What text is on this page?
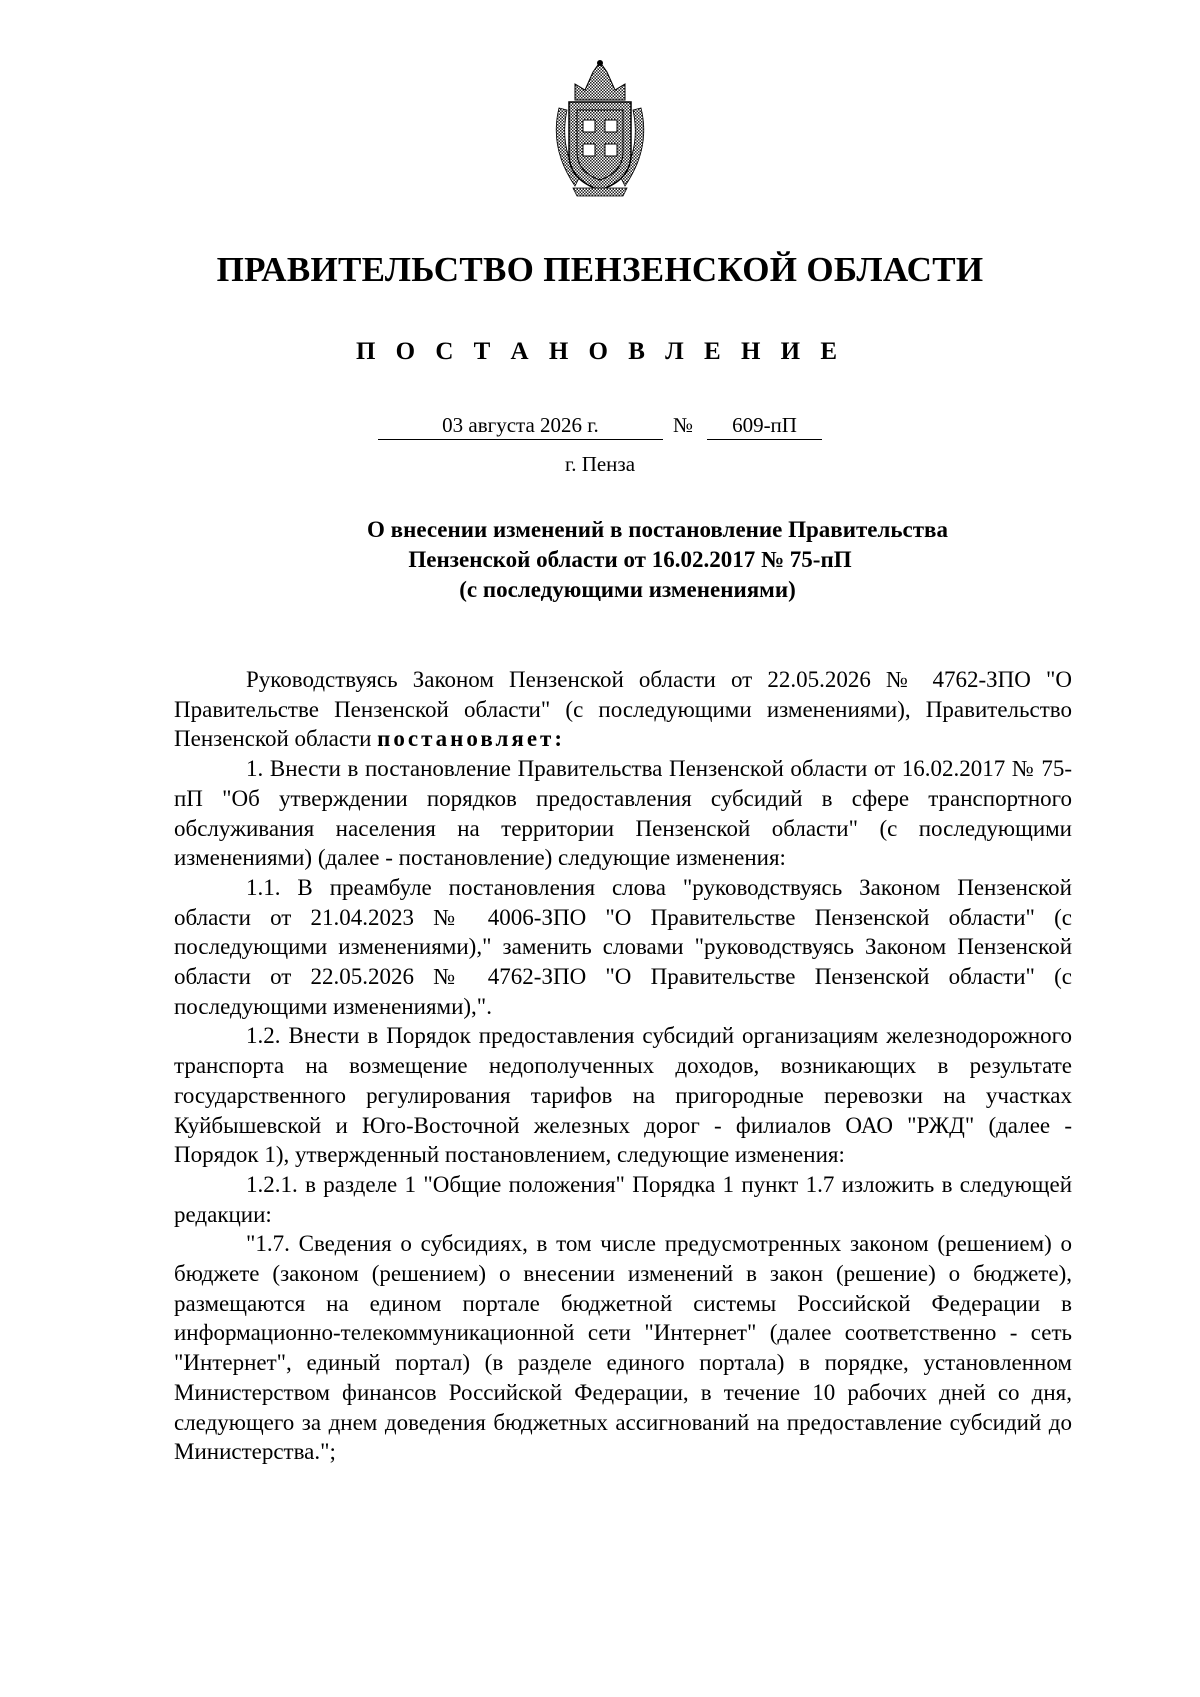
ПРАВИТЕЛЬСТВО ПЕНЗЕНСКОЙ ОБЛАСТИ
П О С Т А Н О В Л Е Н И Е
03 августа 2026 г.	№ 609-пП
г. Пенза
О внесении изменений в постановление Правительства
Пензенской области от 16.02.2017 № 75-пП
(с последующими изменениями)

Руководствуясь Законом Пензенской области от 22.05.2026 № 4762-ЗПО "О Правительстве Пензенской области" (с последующими изменениями), Правительство Пензенской области постановляет:

1. Внести в постановление Правительства Пензенской области от 16.02.2017 № 75-пП "Об утверждении порядков предоставления субсидий в сфере транспортного обслуживания населения на территории Пензенской области" (с последующими изменениями) (далее - постановление) следующие изменения:

1.1. В преамбуле постановления слова "руководствуясь Законом Пензенской области от 21.04.2023 № 4006-ЗПО "О Правительстве Пензенской области" (с последующими изменениями)," заменить словами "руководствуясь Законом Пензенской области от 22.05.2026 № 4762-ЗПО "О Правительстве Пензенской области" (с последующими изменениями),".

1.2. Внести в Порядок предоставления субсидий организациям железнодорожного транспорта на возмещение недополученных доходов, возникающих в результате государственного регулирования тарифов на пригородные перевозки на участках Куйбышевской и Юго-Восточной железных дорог - филиалов ОАО "РЖД" (далее - Порядок 1), утвержденный постановлением, следующие изменения:

1.2.1. в разделе 1 "Общие положения" Порядка 1 пункт 1.7 изложить в следующей редакции:

"1.7. Сведения о субсидиях, в том числе предусмотренных законом (решением) о бюджете (законом (решением) о внесении изменений в закон (решение) о бюджете), размещаются на едином портале бюджетной системы Российской Федерации в информационно-телекоммуникационной сети "Интернет" (далее соответственно - сеть "Интернет", единый портал) (в разделе единого портала) в порядке, установленном Министерством финансов Российской Федерации, в течение 10 рабочих дней со дня, следующего за днем доведения бюджетных ассигнований на предоставление субсидий до Министерства.";
